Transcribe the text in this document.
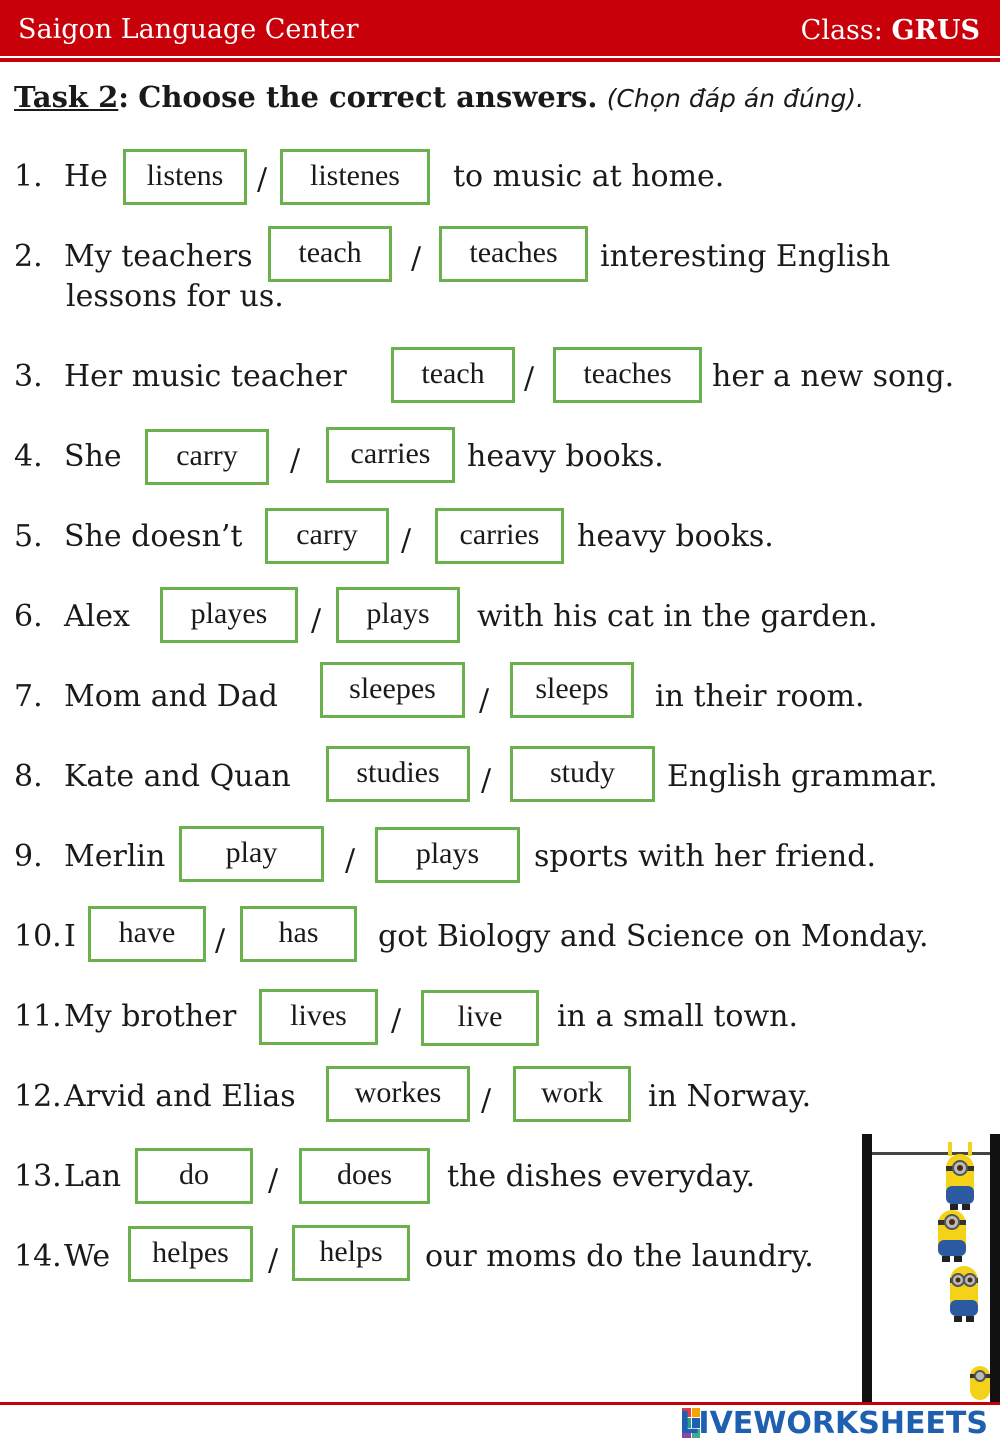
Saigon Language Center	Class: GRUS
Task 2: Choose the correct answers. (Chọn đáp án đúng).
1. He	listens	/	listenes	to music at home.
2. My teachers	teach	/	teaches	interesting English
lessons for us.
3. Her music teacher	teach	/	teaches	her a new song.
4. She	carry	/	carries	heavy books.
5. She doesn’t	carry	/	carries	heavy books.
6. Alex	playes	/	plays	with his cat in the garden.
7. Mom and Dad	sleepes	/	sleeps	in their room.
8. Kate and Quan	studies	/	study	English grammar.
9. Merlin	play	/	plays	sports with her friend.
10. I	have	/	has	got Biology and Science on Monday.
11. My brother	lives	/	live	in a small town.
12. Arvid and Elias	workes	/	work	in Norway.
13. Lan	do	/	does	the dishes everyday.
14. We	helpes	/	helps	our moms do the laundry.
LIVEWORKSHEETS
